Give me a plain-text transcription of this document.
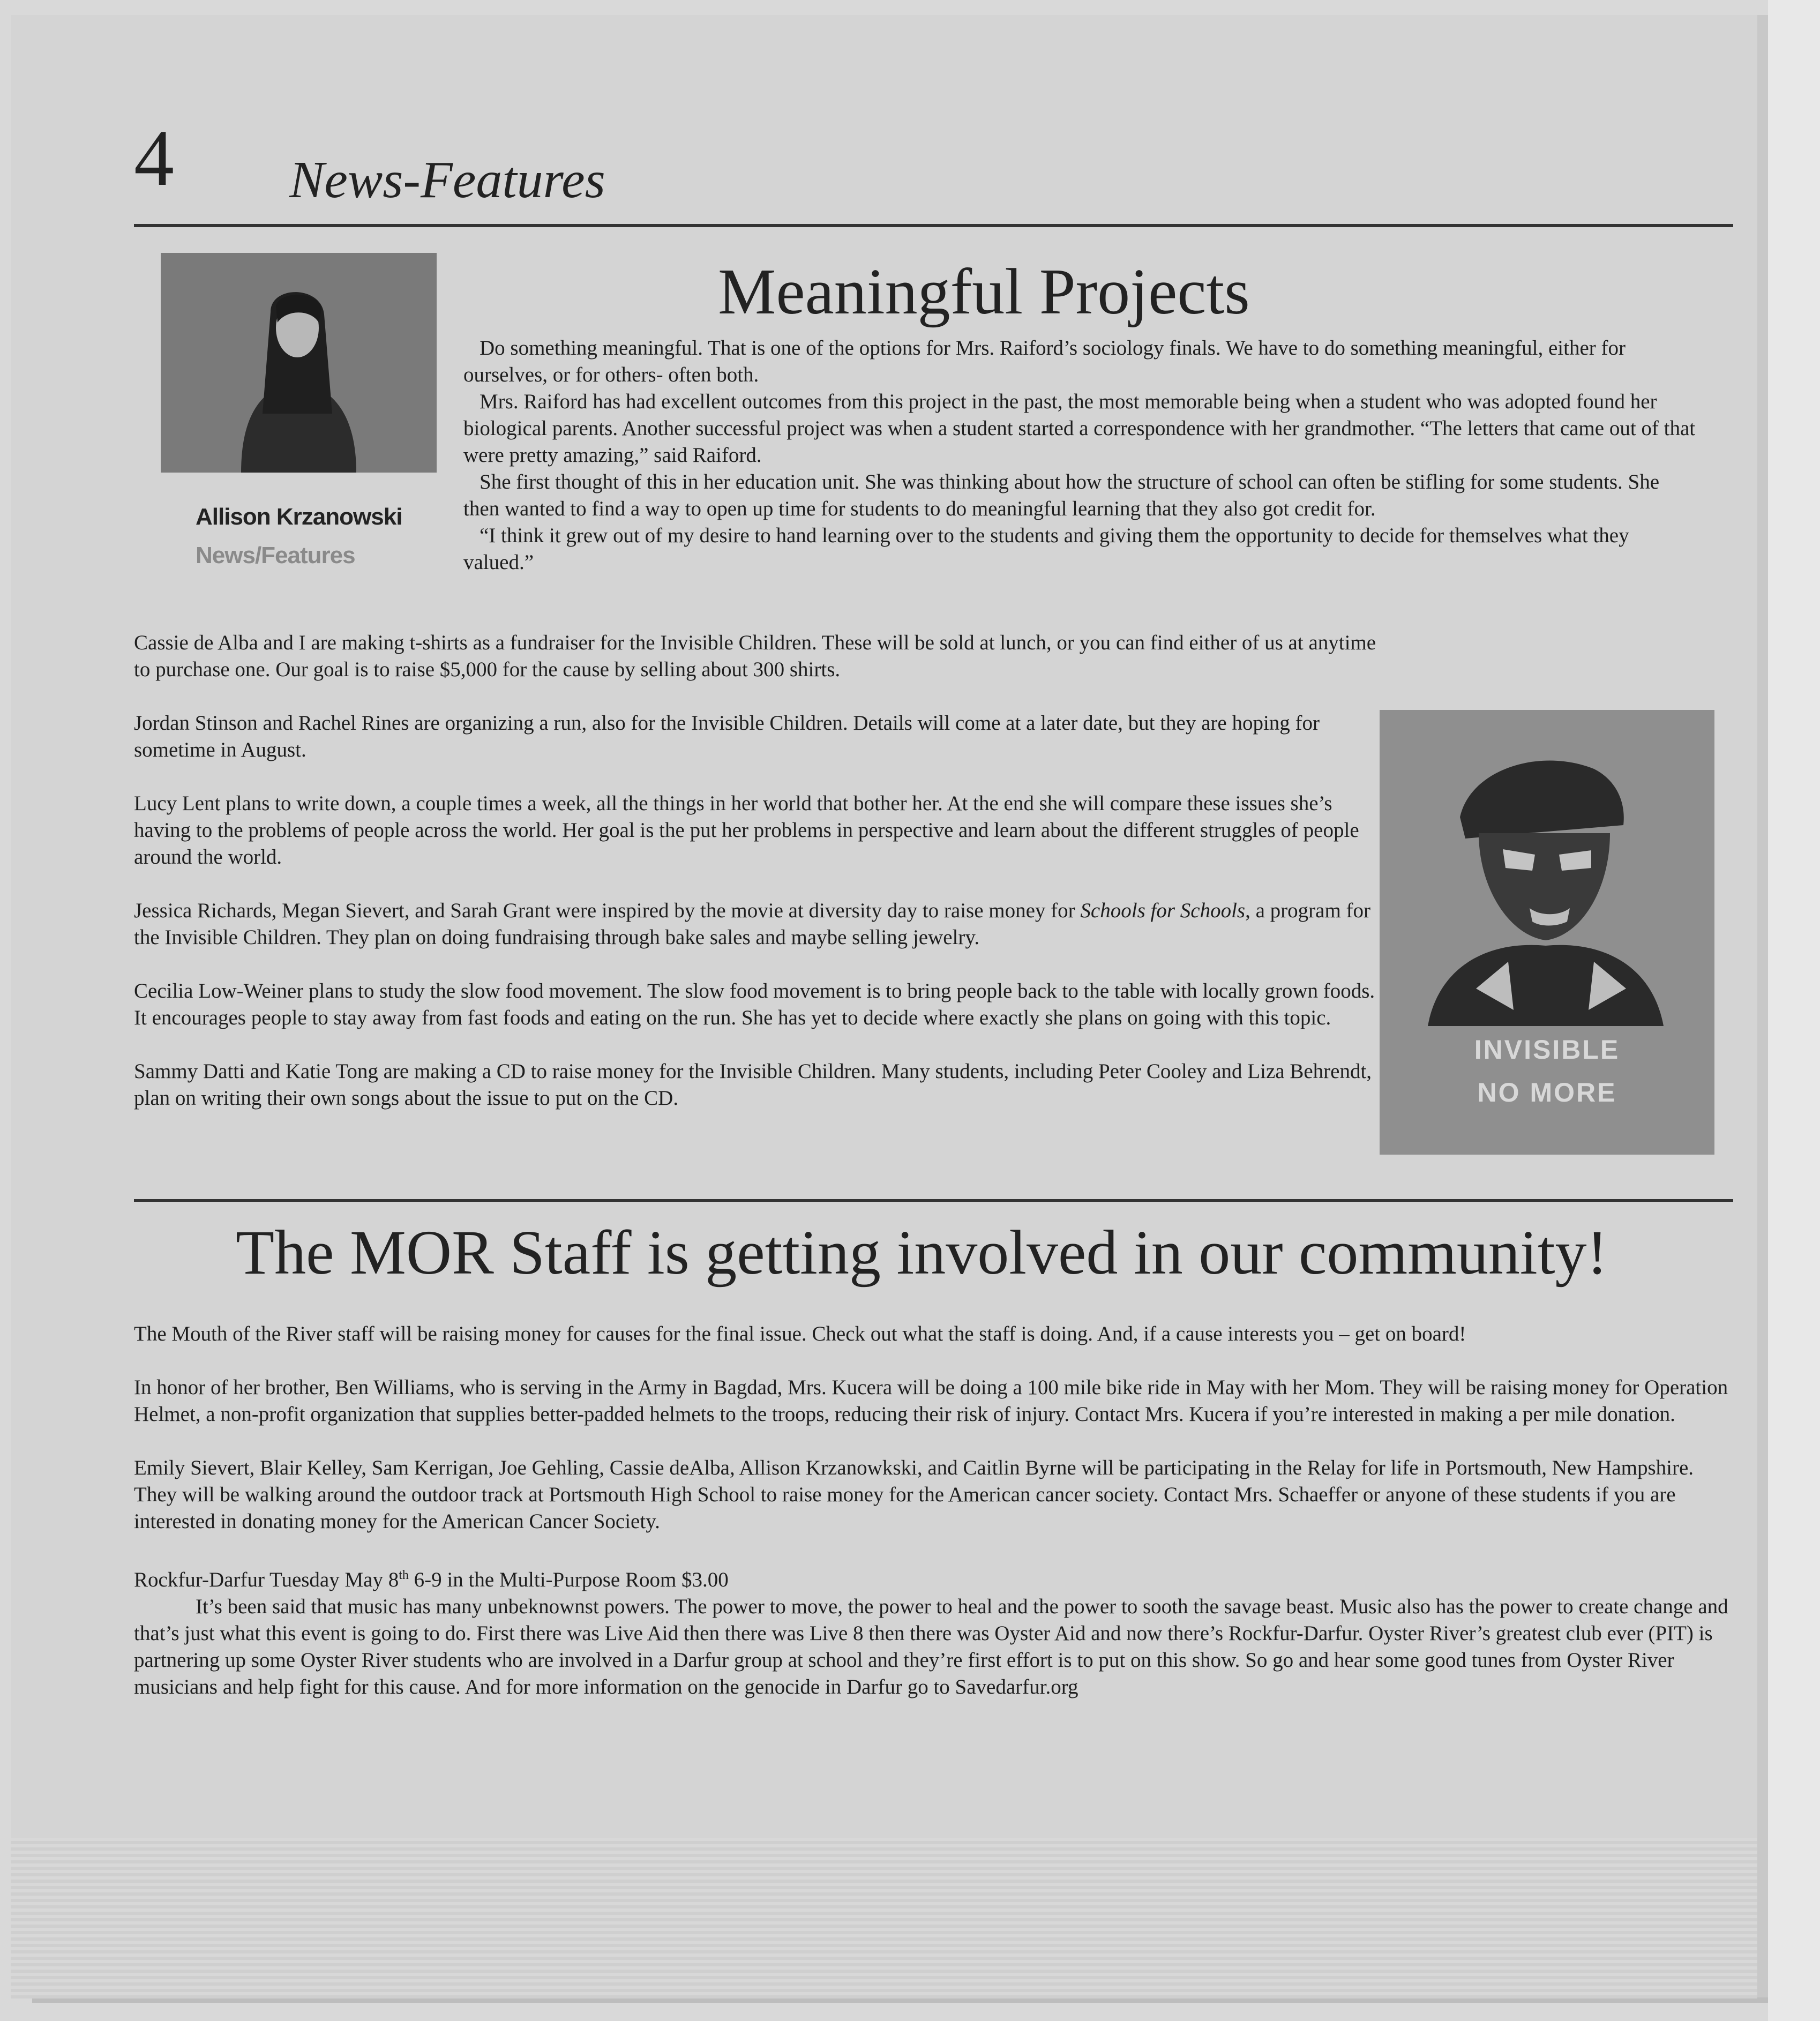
4 News-Features
Allison Krzanowski
News/Features
Meaningful Projects

Do something meaningful. That is one of the options for Mrs. Raiford’s sociology finals. We have to do something meaningful, either for ourselves, or for others- often both.

Mrs. Raiford has had excellent outcomes from this project in the past, the most memorable being when a student who was adopted found her biological parents. Another successful project was when a student started a correspondence with her grandmother. “The letters that came out of that were pretty amazing,” said Raiford.

She first thought of this in her education unit. She was thinking about how the structure of school can often be stifling for some students. She then wanted to find a way to open up time for students to do meaningful learning that they also got credit for.

“I think it grew out of my desire to hand learning over to the students and giving them the opportunity to decide for themselves what they valued.”

Cassie de Alba and I are making t-shirts as a fundraiser for the Invisible Children. These will be sold at lunch, or you can find either of us at anytime to purchase one. Our goal is to raise $5,000 for the cause by selling about 300 shirts.

Jordan Stinson and Rachel Rines are organizing a run, also for the Invisible Children. Details will come at a later date, but they are hoping for sometime in August.

Lucy Lent plans to write down, a couple times a week, all the things in her world that bother her. At the end she will compare these issues she’s having to the problems of people across the world. Her goal is the put her problems in perspective and learn about the different struggles of people around the world.

Jessica Richards, Megan Sievert, and Sarah Grant were inspired by the movie at diversity day to raise money for Schools for Schools, a program for the Invisible Children. They plan on doing fundraising through bake sales and maybe selling jewelry.

Cecilia Low-Weiner plans to study the slow food movement. The slow food movement is to bring people back to the table with locally grown foods. It encourages people to stay away from fast foods and eating on the run. She has yet to decide where exactly she plans on going with this topic.

Sammy Datti and Katie Tong are making a CD to raise money for the Invisible Children. Many students, including Peter Cooley and Liza Behrendt, plan on writing their own songs about the issue to put on the CD.

INVISIBLE
NO MORE
The MOR Staff is getting involved in our community!

The Mouth of the River staff will be raising money for causes for the final issue. Check out what the staff is doing. And, if a cause interests you – get on board!

In honor of her brother, Ben Williams, who is serving in the Army in Bagdad, Mrs. Kucera will be doing a 100 mile bike ride in May with her Mom. They will be raising money for Operation Helmet, a non-profit organization that supplies better-padded helmets to the troops, reducing their risk of injury. Contact Mrs. Kucera if you’re interested in making a per mile donation.

Emily Sievert, Blair Kelley, Sam Kerrigan, Joe Gehling, Cassie deAlba, Allison Krzanowkski, and Caitlin Byrne will be participating in the Relay for life in Portsmouth, New Hampshire. They will be walking around the outdoor track at Portsmouth High School to raise money for the American cancer society. Contact Mrs. Schaeffer or anyone of these students if you are interested in donating money for the American Cancer Society.

Rockfur-Darfur Tuesday May 8th 6-9 in the Multi-Purpose Room $3.00

It’s been said that music has many unbeknownst powers. The power to move, the power to heal and the power to sooth the savage beast. Music also has the power to create change and that’s just what this event is going to do. First there was Live Aid then there was Live 8 then there was Oyster Aid and now there’s Rockfur-Darfur. Oyster River’s greatest club ever (PIT) is partnering up some Oyster River students who are involved in a Darfur group at school and they’re first effort is to put on this show. So go and hear some good tunes from Oyster River musicians and help fight for this cause. And for more information on the genocide in Darfur go to Savedarfur.org
